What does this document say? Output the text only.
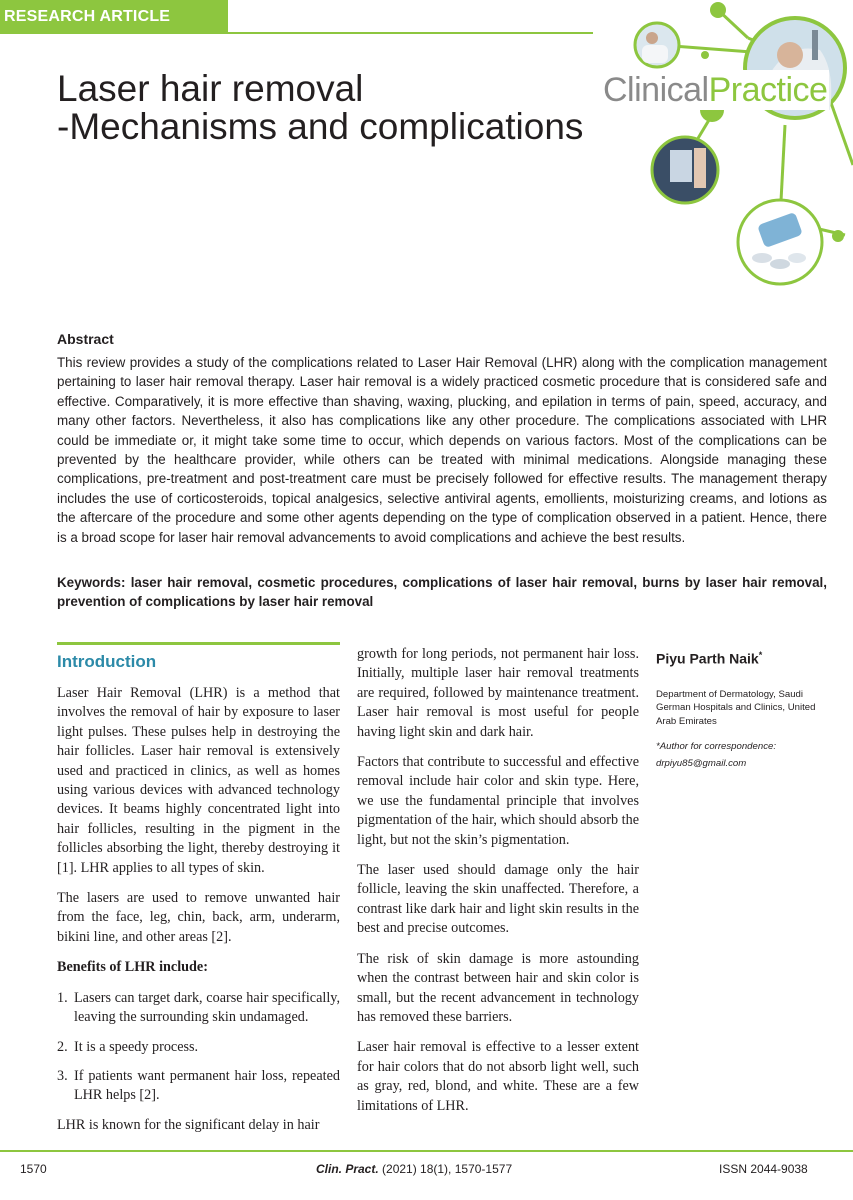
RESEARCH ARTICLE
ClinicalPractice
Laser hair removal
-Mechanisms and complications
Abstract

This review provides a study of the complications related to Laser Hair Removal (LHR) along with the complication management pertaining to laser hair removal therapy. Laser hair removal is a widely practiced cosmetic procedure that is considered safe and effective. Comparatively, it is more effective than shaving, waxing, plucking, and epilation in terms of pain, speed, accuracy, and many other factors. Nevertheless, it also has complications like any other procedure. The complications associated with LHR could be immediate or, it might take some time to occur, which depends on various factors. Most of the complications can be prevented by the healthcare provider, while others can be treated with minimal medications. Alongside managing these complications, pre-treatment and post-treatment care must be precisely followed for effective results. The management therapy includes the use of corticosteroids, topical analgesics, selective antiviral agents, emollients, moisturizing creams, and lotions as the aftercare of the procedure and some other agents depending on the type of complication observed in a patient. Hence, there is a broad scope for laser hair removal advancements to avoid complications and achieve the best results.

Keywords: laser hair removal, cosmetic procedures, complications of laser hair removal, burns by laser hair removal, prevention of complications by laser hair removal

Introduction

Laser Hair Removal (LHR) is a method that involves the removal of hair by exposure to laser light pulses. These pulses help in destroying the hair follicles. Laser hair removal is extensively used and practiced in clinics, as well as homes using various devices with advanced technology devices. It beams highly concentrated light into hair follicles, resulting in the pigment in the follicles absorbing the light, thereby destroying it [1]. LHR applies to all types of skin.

The lasers are used to remove unwanted hair from the face, leg, chin, back, arm, underarm, bikini line, and other areas [2].

Benefits of LHR include:

1. Lasers can target dark, coarse hair specifically, leaving the surrounding skin undamaged.
2. It is a speedy process.
3. If patients want permanent hair loss, repeated LHR helps [2].

LHR is known for the significant delay in hair

growth for long periods, not permanent hair loss. Initially, multiple laser hair removal treatments are required, followed by maintenance treatment. Laser hair removal is most useful for people having light skin and dark hair.

Factors that contribute to successful and effective removal include hair color and skin type. Here, we use the fundamental principle that involves pigmentation of the hair, which should absorb the light, but not the skin’s pigmentation.

The laser used should damage only the hair follicle, leaving the skin unaffected. Therefore, a contrast like dark hair and light skin results in the best and precise outcomes.

The risk of skin damage is more astounding when the contrast between hair and skin color is small, but the recent advancement in technology has removed these barriers.

Laser hair removal is effective to a lesser extent for hair colors that do not absorb light well, such as gray, red, blond, and white. These are a few limitations of LHR.

Piyu Parth Naik*
Department of Dermatology, Saudi German Hospitals and Clinics, United Arab Emirates
*Author for correspondence:
drpiyu85@gmail.com
1570	Clin. Pract. (2021) 18(1), 1570-1577	ISSN 2044-9038
